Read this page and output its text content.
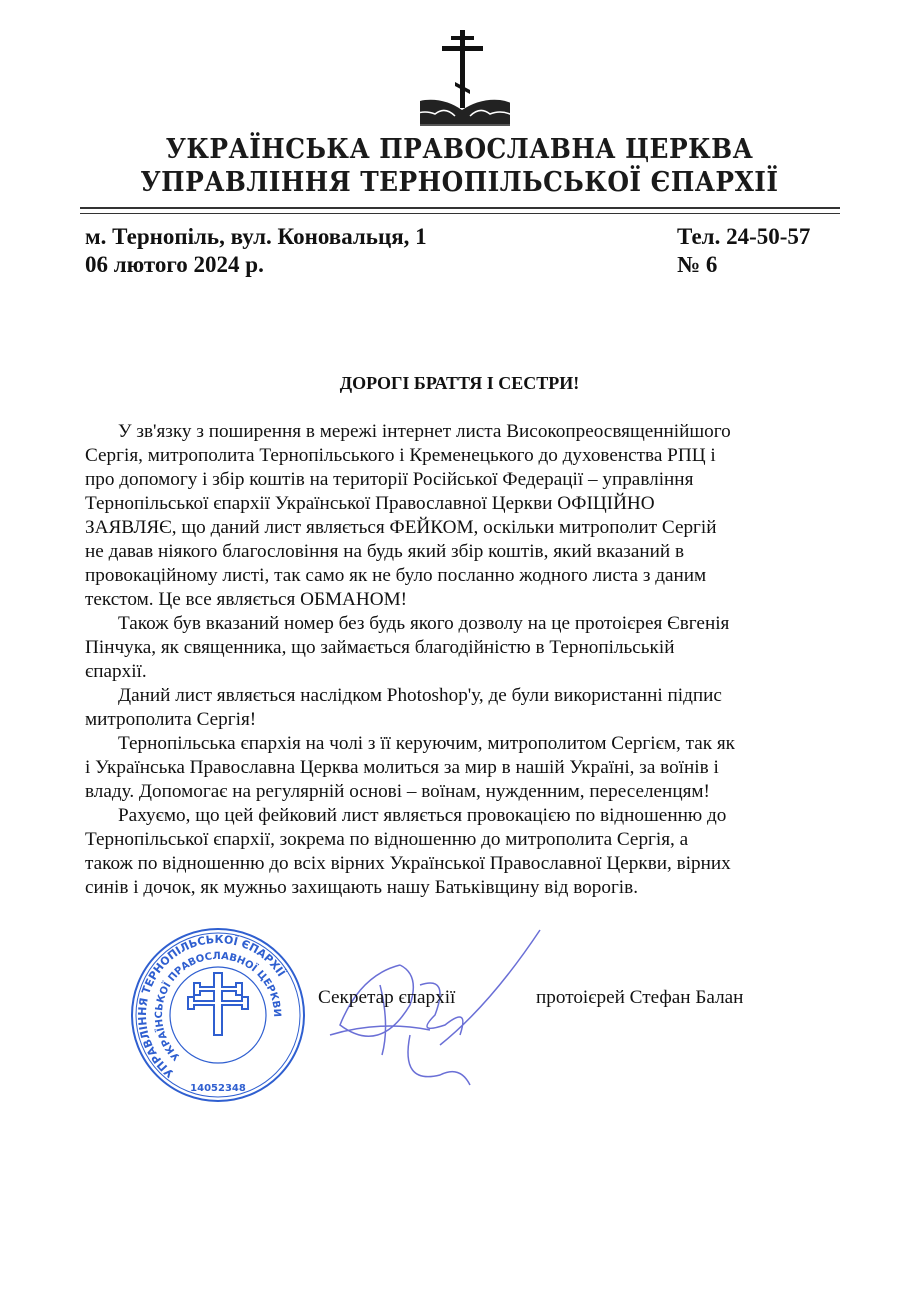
УКРАЇНСЬКА ПРАВОСЛАВНА ЦЕРКВА
УПРАВЛІННЯ ТЕРНОПІЛЬСЬКОЇ ЄПАРХІЇ
м. Тернопіль, вул. Коновальця, 1	Тел. 24-50-57
06 лютого 2024 р.	№ 6
ДОРОГІ БРАТТЯ І СЕСТРИ!
У зв'язку з поширення в мережі інтернет листа Високопреосвященнійшого
Сергія, митрополита Тернопільського і Кременецького до духовенства РПЦ і
про допомогу і збір коштів на території Російської Федерації – управління
Тернопільської єпархії Української Православної Церкви ОФІЦІЙНО
ЗАЯВЛЯЄ, що даний лист являється ФЕЙКОМ, оскільки митрополит Сергій
не давав ніякого благословіння на будь який збір коштів, який вказаний в
провокаційному листі, так само як не було посланно жодного листа з даним
текстом. Це все являється ОБМАНОМ!
Також був вказаний номер без будь якого дозволу на це протоієрея Євгенія
Пінчука, як священника, що займається благодійністю в Тернопільській
єпархії.
Даний лист являється наслідком Photoshop'у, де були використанні підпис
митрополита Сергія!
Тернопільська єпархія на чолі з її керуючим, митрополитом Сергієм, так як
і Українська Православна Церква молиться за мир в нашій Україні, за воїнів і
владу. Допомогає на регулярній основі – воїнам, нужденним, переселенцям!
Рахуємо, що цей фейковий лист являється провокацією по відношенню до
Тернопільської єпархії, зокрема по відношенню до митрополита Сергія, а
також по відношенню до всіх вірних Української Православної Церкви, вірних
синів і дочок, як мужньо захищають нашу Батьківщину від ворогів.
УПРАВЛІННЯ ТЕРНОПІЛЬСЬКОЇ ЄПАРХІЇ
УКРАЇНСЬКОЇ ПРАВОСЛАВНОЇ ЦЕРКВИ
14052348
Секретар єпархії	протоієрей Стефан Балан
